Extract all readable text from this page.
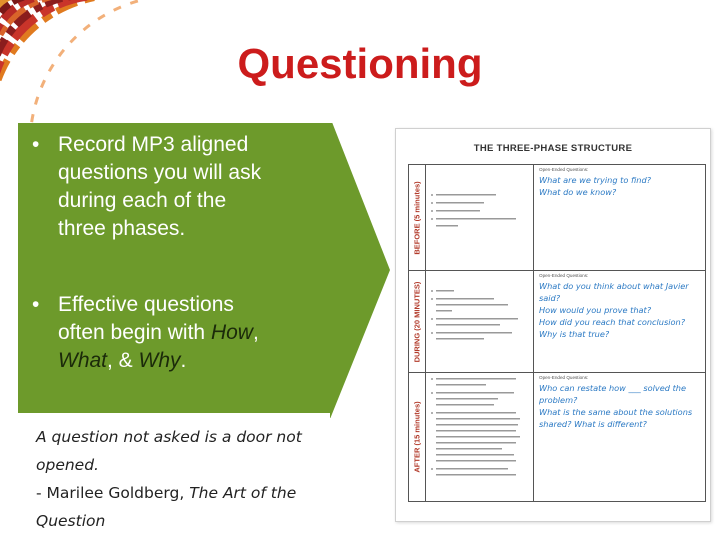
Questioning
• Record MP3 aligned questions you will ask during each of the three phases.
• Effective questions often begin with How, What, & Why.
A question not asked is a door not opened.
- Marilee Goldberg, The Art of the Question
THE THREE-PHASE STRUCTURE
BEFORE (5 minutes)
Open-Ended Questions:
What are we trying to find?
What do we know?
DURING (20 MINUTES)
Open-Ended Questions:
What do you think about what Javier said?
How would you prove that?
How did you reach that conclusion?
Why is that true?
AFTER (15 minutes)
Open-Ended Questions:
Who can restate how ___ solved the problem?
What is the same about the solutions shared? What is different?
